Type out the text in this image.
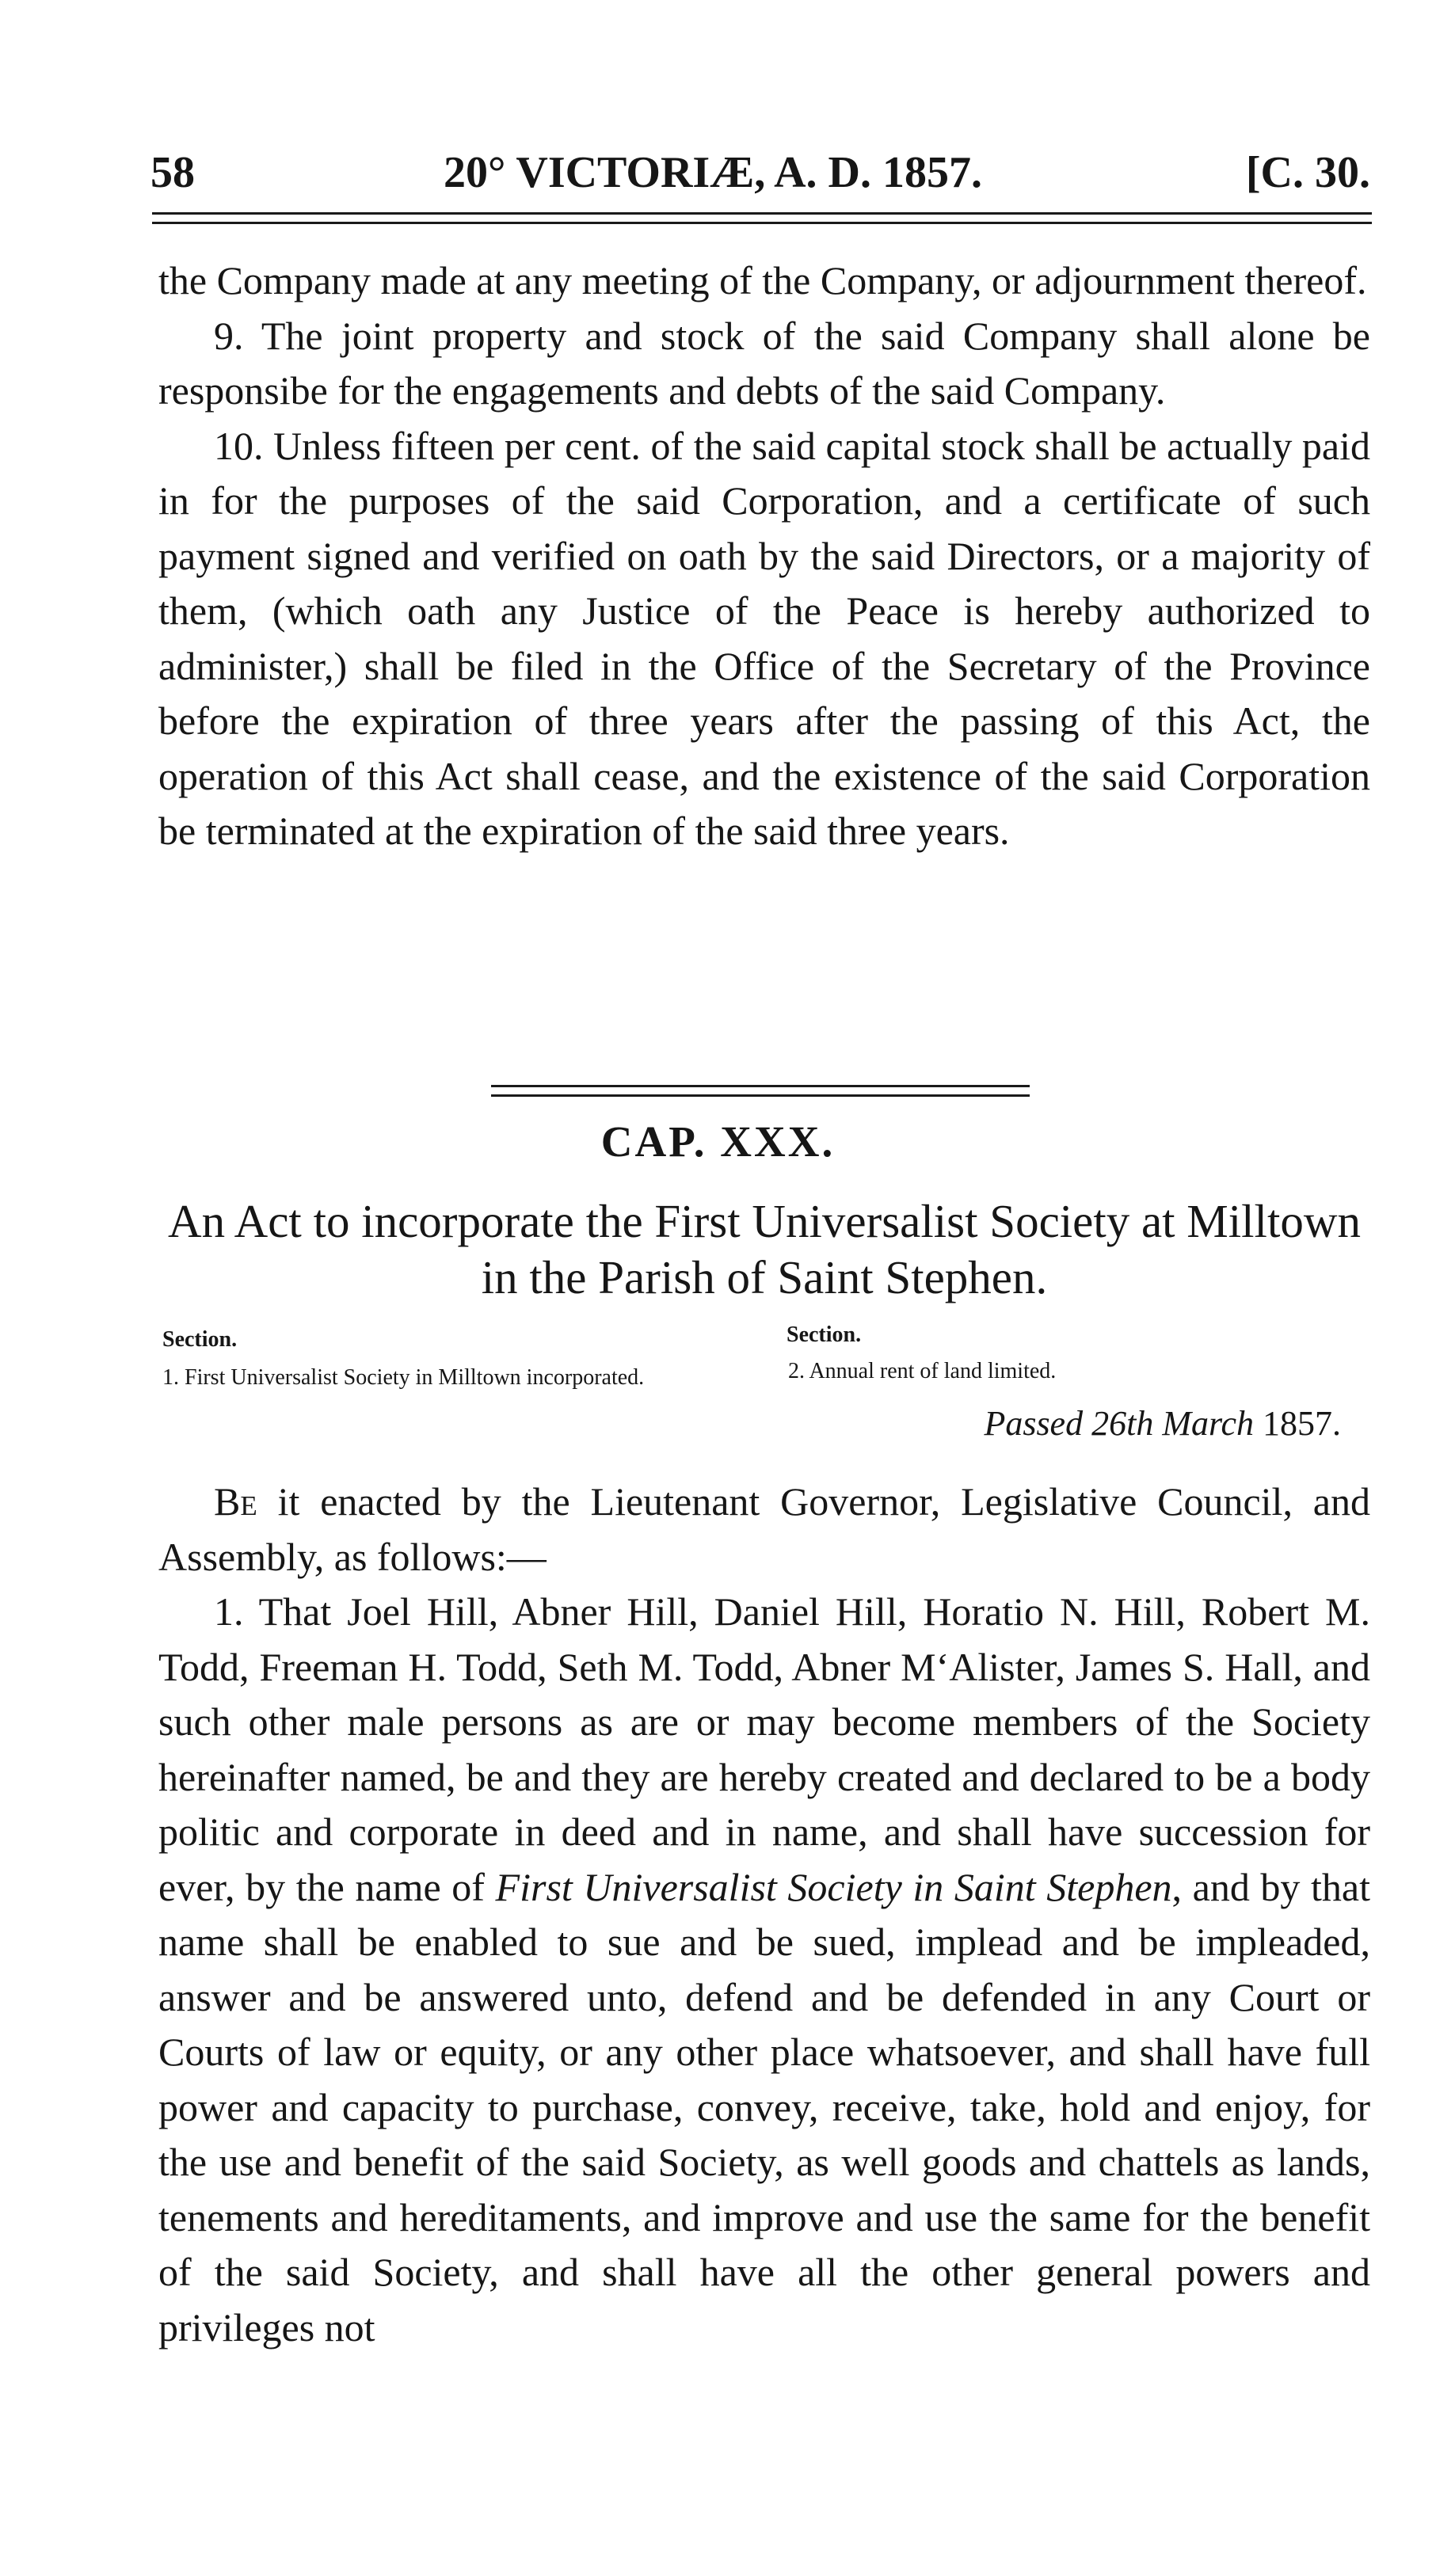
58	20° VICTORIÆ, A. D. 1857.	[C. 30.

the Company made at any meeting of the Company, or adjournment thereof.

9. The joint property and stock of the said Company shall alone be responsibe for the engagements and debts of the said Company.

10. Unless fifteen per cent. of the said capital stock shall be actually paid in for the purposes of the said Corporation, and a certificate of such payment signed and verified on oath by the said Directors, or a majority of them, (which oath any Justice of the Peace is hereby authorized to administer,) shall be filed in the Office of the Secretary of the Province before the expiration of three years after the passing of this Act, the operation of this Act shall cease, and the existence of the said Corporation be terminated at the expiration of the said three years.

CAP. XXX.
An Act to incorporate the First Universalist Society at Milltown in the Parish of Saint Stephen.
Section.
1. First Universalist Society in Milltown incorporated.
Section.
2. Annual rent of land limited.
Passed 26th March 1857.

Be it enacted by the Lieutenant Governor, Legislative Council, and Assembly, as follows:—

1. That Joel Hill, Abner Hill, Daniel Hill, Horatio N. Hill, Robert M. Todd, Freeman H. Todd, Seth M. Todd, Abner M‘Alister, James S. Hall, and such other male persons as are or may become members of the Society hereinafter named, be and they are hereby created and declared to be a body politic and corporate in deed and in name, and shall have succession for ever, by the name of First Universalist Society in Saint Stephen, and by that name shall be enabled to sue and be sued, implead and be impleaded, answer and be answered unto, defend and be defended in any Court or Courts of law or equity, or any other place whatsoever, and shall have full power and capacity to purchase, convey, receive, take, hold and enjoy, for the use and benefit of the said Society, as well goods and chattels as lands, tenements and hereditaments, and improve and use the same for the benefit of the said Society, and shall have all the other general powers and privileges not
